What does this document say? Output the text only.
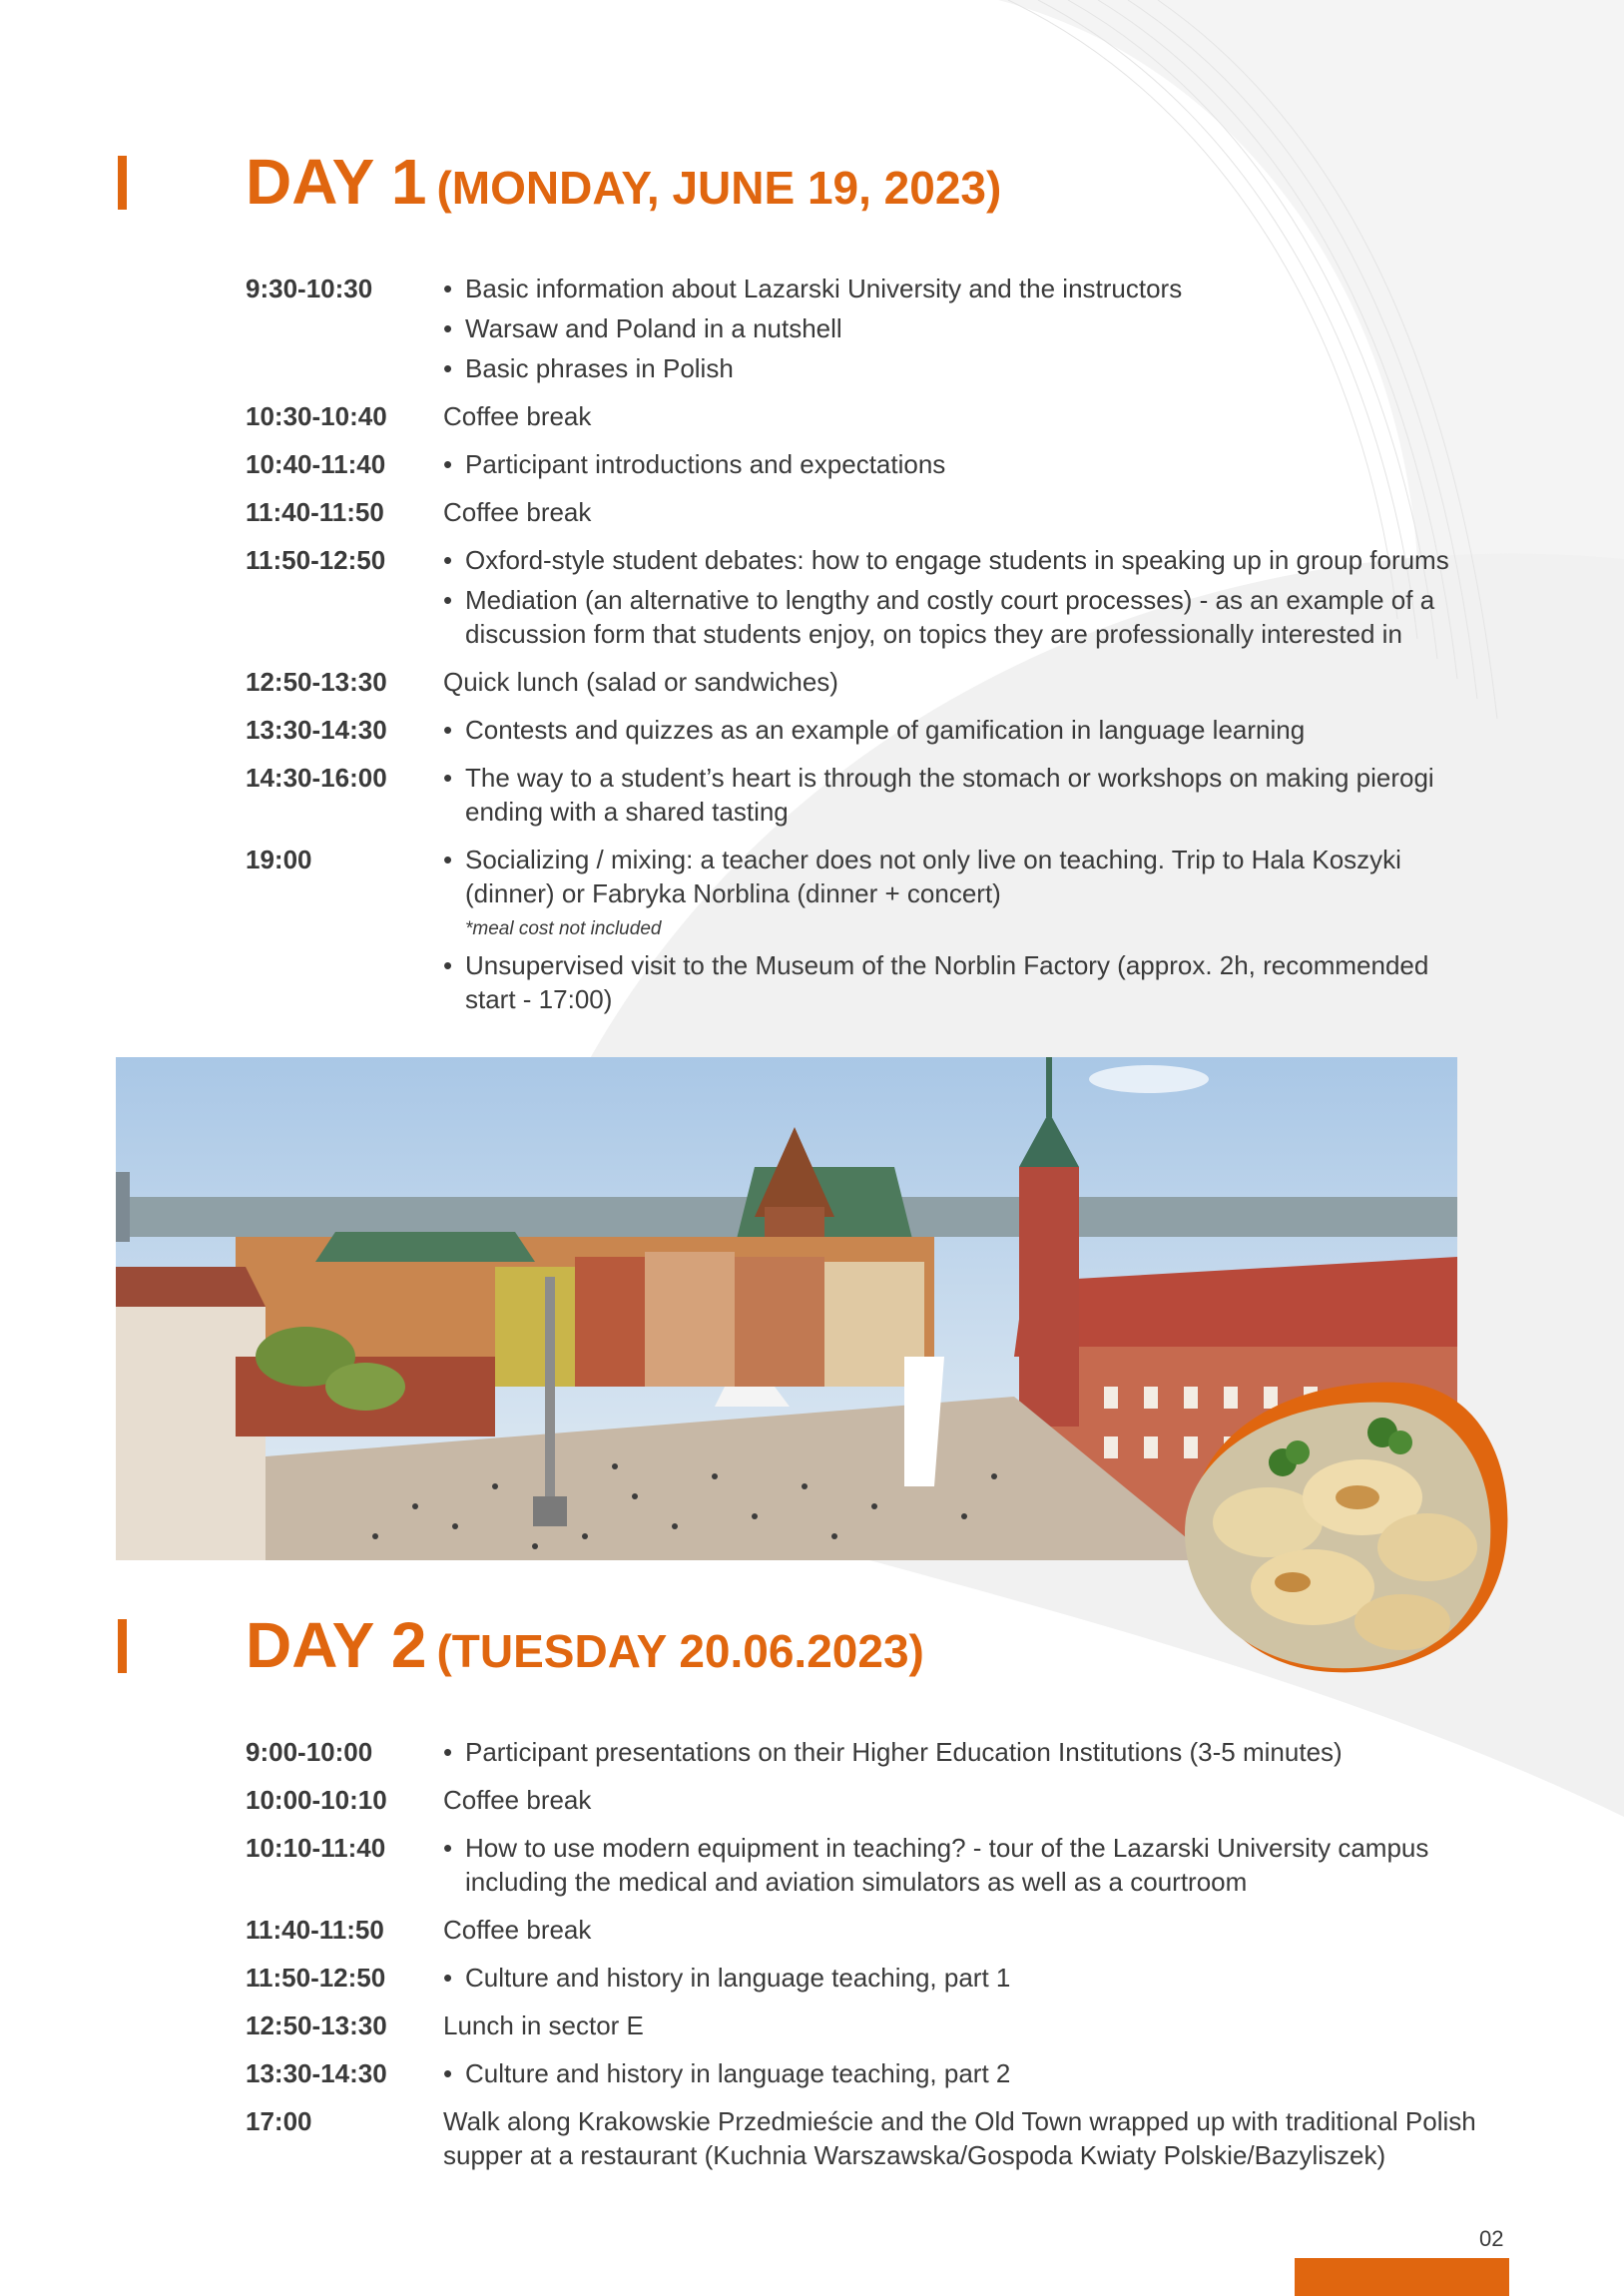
DAY 1 (MONDAY, JUNE 19, 2023)
9:30-10:30	• Basic information about Lazarski University and the instructors
• Warsaw and Poland in a nutshell
• Basic phrases in Polish
10:30-10:40	Coffee break
10:40-11:40	• Participant introductions and expectations
11:40-11:50	Coffee break
11:50-12:50	• Oxford-style student debates: how to engage students in speaking up in group forums
• Mediation (an alternative to lengthy and costly court processes) - as an example of a discussion form that students enjoy, on topics they are professionally interested in
12:50-13:30	Quick lunch (salad or sandwiches)
13:30-14:30	• Contests and quizzes as an example of gamification in language learning
14:30-16:00	• The way to a student’s heart is through the stomach or workshops on making pierogi ending with a shared tasting
19:00	• Socializing / mixing: a teacher does not only live on teaching. Trip to Hala Koszyki (dinner) or Fabryka Norblina (dinner + concert)
*meal cost not included
• Unsupervised visit to the Museum of the Norblin Factory (approx. 2h, recommended start - 17:00)
DAY 2 (TUESDAY 20.06.2023)
9:00-10:00	• Participant presentations on their Higher Education Institutions (3-5 minutes)
10:00-10:10	Coffee break
10:10-11:40	• How to use modern equipment in teaching? - tour of the Lazarski University campus including the medical and aviation simulators as well as a courtroom
11:40-11:50	Coffee break
11:50-12:50	• Culture and history in language teaching, part 1
12:50-13:30	Lunch in sector E
13:30-14:30	• Culture and history in language teaching, part 2
17:00	Walk along Krakowskie Przedmieście and the Old Town wrapped up with traditional Polish supper at a restaurant (Kuchnia Warszawska/Gospoda Kwiaty Polskie/Bazyliszek)
02
